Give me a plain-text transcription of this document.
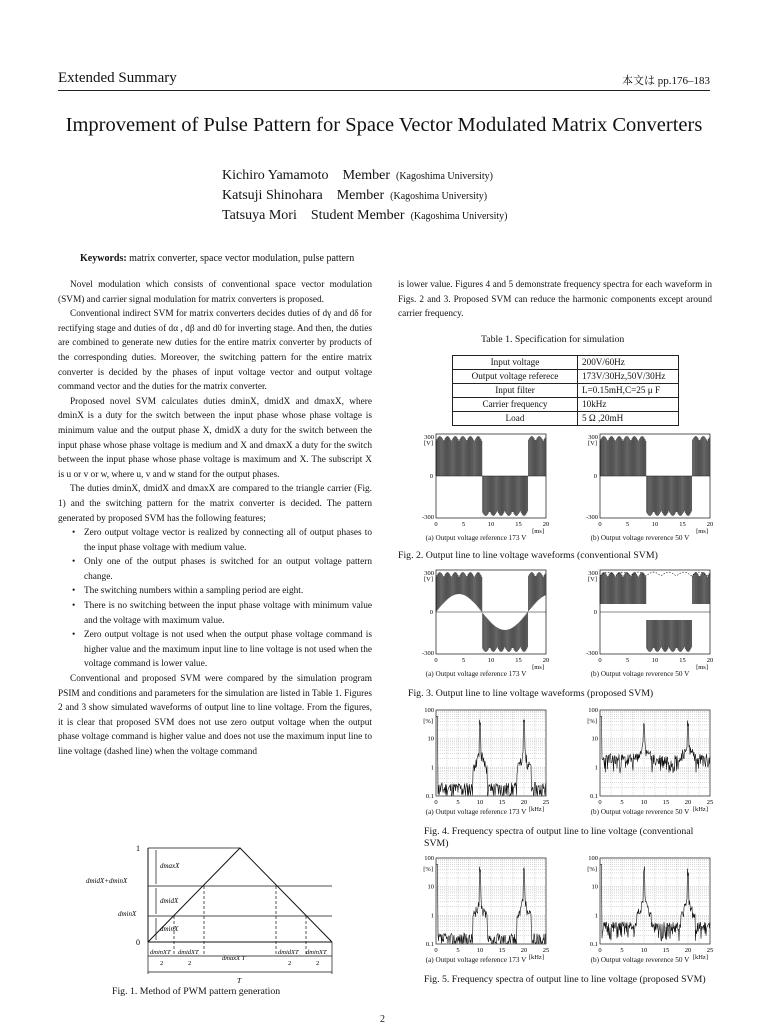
Extended Summary	本文は pp.176–183
Improvement of Pulse Pattern for Space Vector Modulated Matrix Converters
Kichiro Yamamoto Member (Kagoshima University)
Katsuji Shinohara Member (Kagoshima University)
Tatsuya Mori Student Member (Kagoshima University)
Keywords: matrix converter, space vector modulation, pulse pattern

Novel modulation which consists of conventional space vector modulation (SVM) and carrier signal modulation for matrix converters is proposed.

Conventional indirect SVM for matrix converters decides duties of dγ and dδ for rectifying stage and duties of dα , dβ and d0 for inverting stage. And then, the duties are combined to generate new duties for the entire matrix converter by products of the corresponding duties. Moreover, the switching pattern for the entire matrix converter is decided by the phases of input voltage vector and output voltage command vector and the duties for the matrix converter.

Proposed novel SVM calculates duties dminX, dmidX and dmaxX, where dminX is a duty for the switch between the input phase whose phase voltage is minimum value and the output phase X, dmidX a duty for the switch between the input phase whose phase voltage is medium and X and dmaxX a duty for the switch between the input phase whose phase voltage is maximum and X. The subscript X is u or v or w, where u, v and w stand for the output phases.

The duties dminX, dmidX and dmaxX are compared to the triangle carrier (Fig. 1) and the switching pattern for the matrix converter is decided. The pattern generated by proposed SVM has the following features;

• Zero output voltage vector is realized by connecting all of output phases to the input phase voltage with medium value.
• Only one of the output phases is switched for an output voltage pattern change.
• The switching numbers within a sampling period are eight.
• There is no switching between the input phase voltage with minimum value and the voltage with maximum value.
• Zero output voltage is not used when the output phase voltage command is higher value and the maximum input line to line voltage is not used when the voltage command is lower value.

Conventional and proposed SVM were compared by the simulation program PSIM and conditions and parameters for the simulation are listed in Table 1. Figures 2 and 3 show simulated waveforms of output line to line voltage. From the figures, it is clear that proposed SVM does not use zero output voltage when the output phase voltage command is higher value and does not use the maximum input line to line voltage (dashed line) when the voltage command

1
0
dmidX+dminX
dminX
dmaxX
dmidX
dminX
dminXT dmidXT
dmaxX T
dmidXT dminXT
2	2	2	2
T
Fig. 1. Method of PWM pattern generation

is lower value. Figures 4 and 5 demonstrate frequency spectra for each waveform in Figs. 2 and 3. Proposed SVM can reduce the harmonic components except around carrier frequency.

Table 1. Specification for simulation
Input voltage	200V/60Hz
Output voltage referece	173V/30Hz,50V/30Hz
Input filter	L=0.15mH,C=25 μ F
Carrier frequency	10kHz
Load	5 Ω ,20mH
300
[V]
0
-300
0	5	10	15	20
[ms]
(a) Output voltage reference 173 V
300
[V]
0
-300
0	5	10	15	20
[ms]
(b) Output voltage reverence 50 V
Fig. 2. Output line to line voltage waveforms (conventional SVM)
300
[V]
0
-300
0	5	10	15	20
[ms]
(a) Output voltage reference 173 V
300
[V]
0
-300
0	5	10	15	20
[ms]
(b) Output voltage reverence 50 V
Fig. 3. Output line to line voltage waveforms (proposed SVM)
100
10
1
0.1
[%]
0	5	10 15 20 25
[kHz]
(a) Output voltage reference 173 V
100
10
1
0.1
[%]
0	5	10 15 20 25
[kHz]
(b) Output voltage reverence 50 V
Fig. 4. Frequency spectra of output line to line voltage (conventional SVM)
100
10
1
0.1
[%]
0	5	10 15 20 25
[kHz]
(a) Output voltage reference 173 V
100
10
1
0.1
[%]
0	5	10 15 20 25
[kHz]
(b) Output voltage reverence 50 V
Fig. 5. Frequency spectra of output line to line voltage (proposed SVM)
2
